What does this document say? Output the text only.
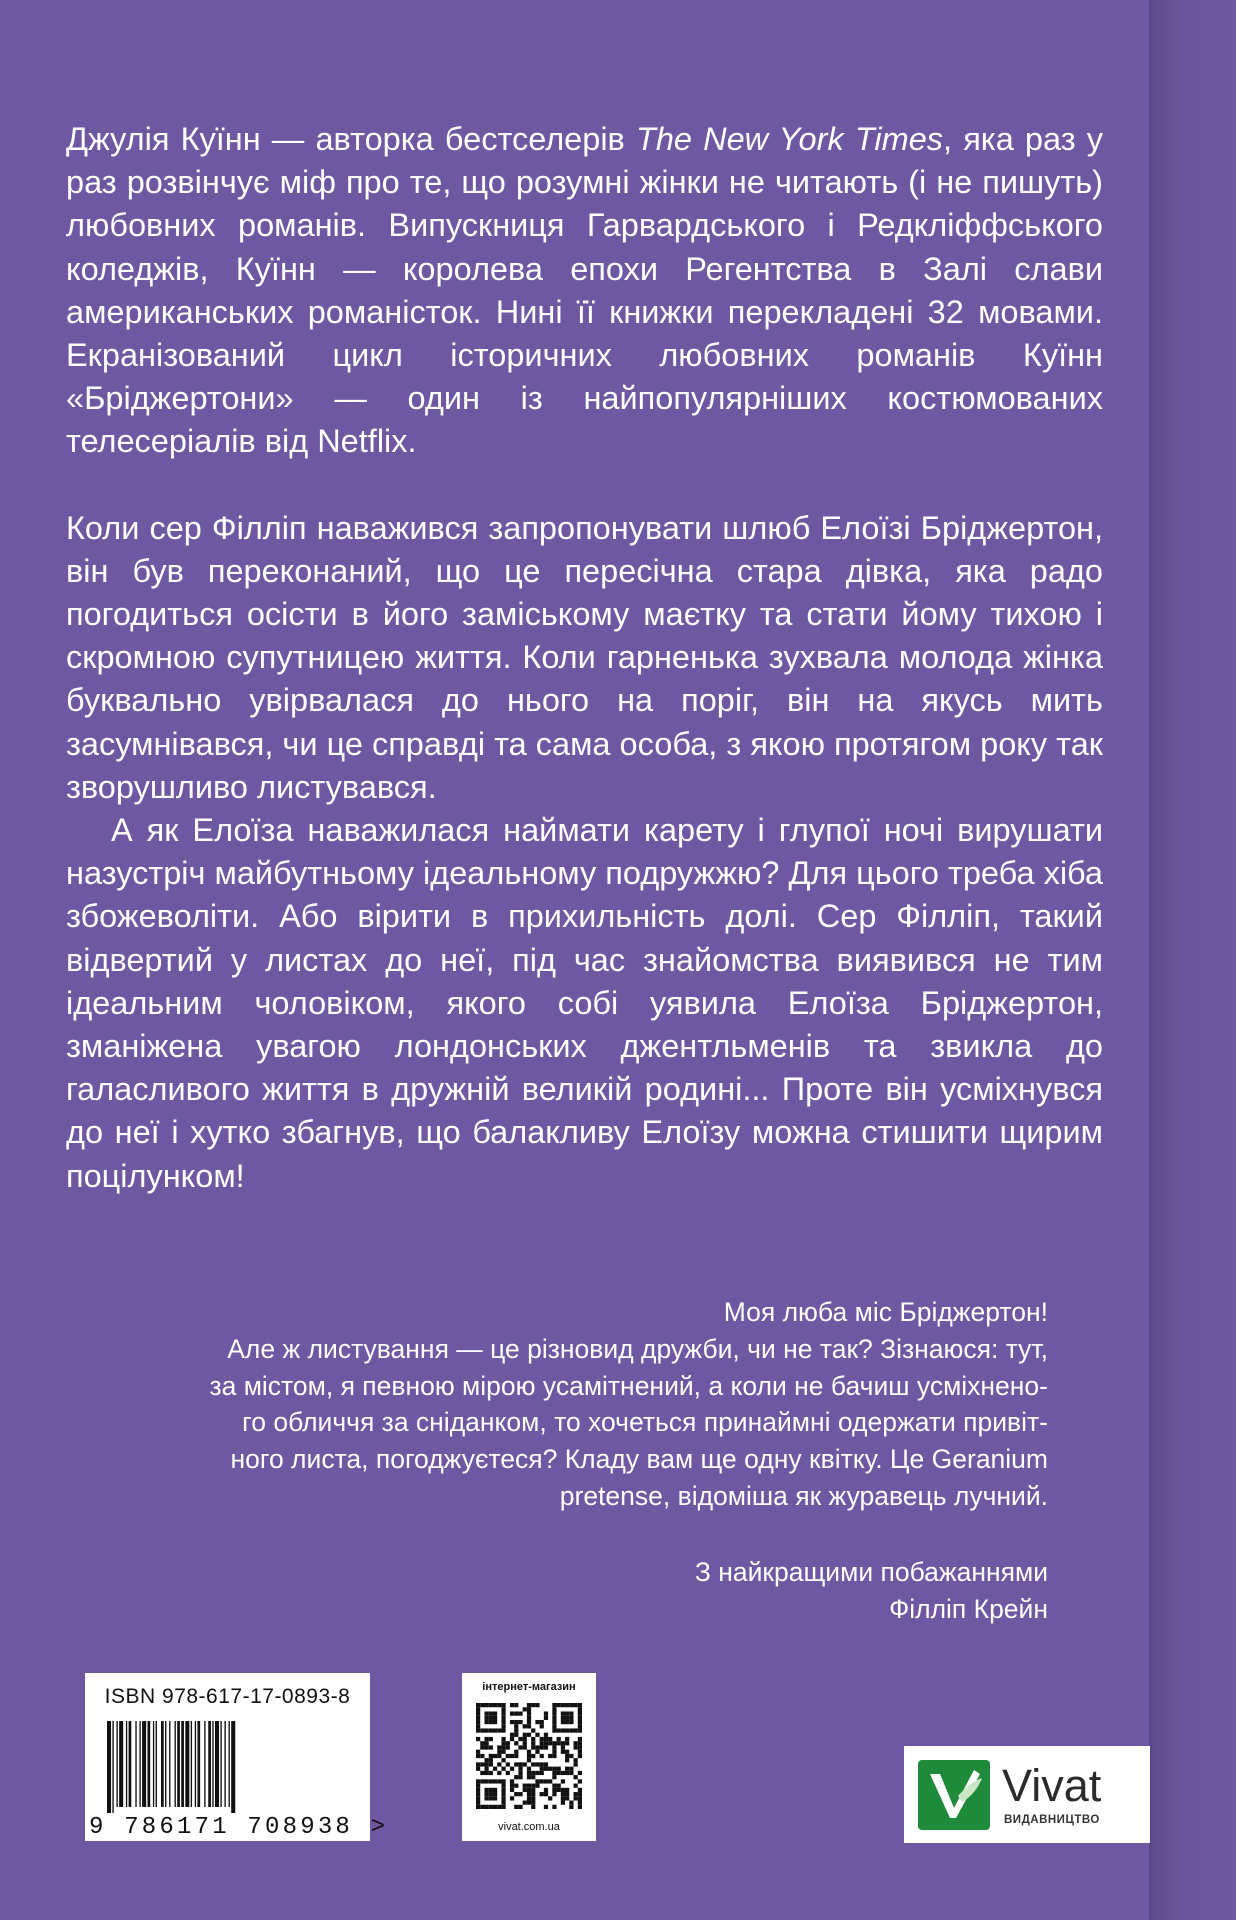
Джулія Куїнн — авторка бестселерів The New York Times, яка раз у раз розвінчує міф про те, що розумні жінки не читають (і не пишуть) любовних романів. Випускниця Гарвардського і Редкліффського коледжів, Куїнн — королева епохи Регентства в Залі слави американських романісток. Нині її книжки перекладені 32 мовами. Екранізований цикл історичних любовних романів Куїнн «Бріджертони» — один із найпопулярніших костюмованих телесеріалів від Netflix.

Коли сер Філліп наважився запропонувати шлюб Елоїзі Бріджертон, він був переконаний, що це пересічна стара дівка, яка радо погодиться осісти в його заміському маєтку та стати йому тихою і скромною супутницею життя. Коли гарненька зухвала молода жінка буквально увірвалася до нього на поріг, він на якусь мить засумнівався, чи це справді та сама особа, з якою протягом року так зворушливо листувався.

А як Елоїза наважилася наймати карету і глупої ночі вирушати назустріч майбутньому ідеальному подружжю? Для цього треба хіба збожеволіти. Або вірити в прихильність долі. Сер Філліп, такий відвертий у листах до неї, під час знайомства виявився не тим ідеальним чоловіком, якого собі уявила Елоїза Бріджертон, зманіжена увагою лондонських джентльменів та звикла до галасливого життя в дружній великій родині... Проте він усміхнувся до неї і хутко збагнув, що балакливу Елоїзу можна стишити щирим поцілунком!

Моя люба міс Бріджертон!

Але ж листування — це різновид дружби, чи не так? Зізнаюся: тут,

за містом, я певною мірою усамітнений, а коли не бачиш усміхнено-

го обличчя за сніданком, то хочеться принаймні одержати привіт-

ного листа, погоджуєтеся? Кладу вам ще одну квітку. Це Geranium

pretense, відоміша як журавець лучний.

З найкращими побажаннями

Філліп Крейн

ISBN 978-617-17-0893-8
9 786171 708938 >
інтернет-магазин
vivat.com.ua
Vivat
ВИДАВНИЦТВО
